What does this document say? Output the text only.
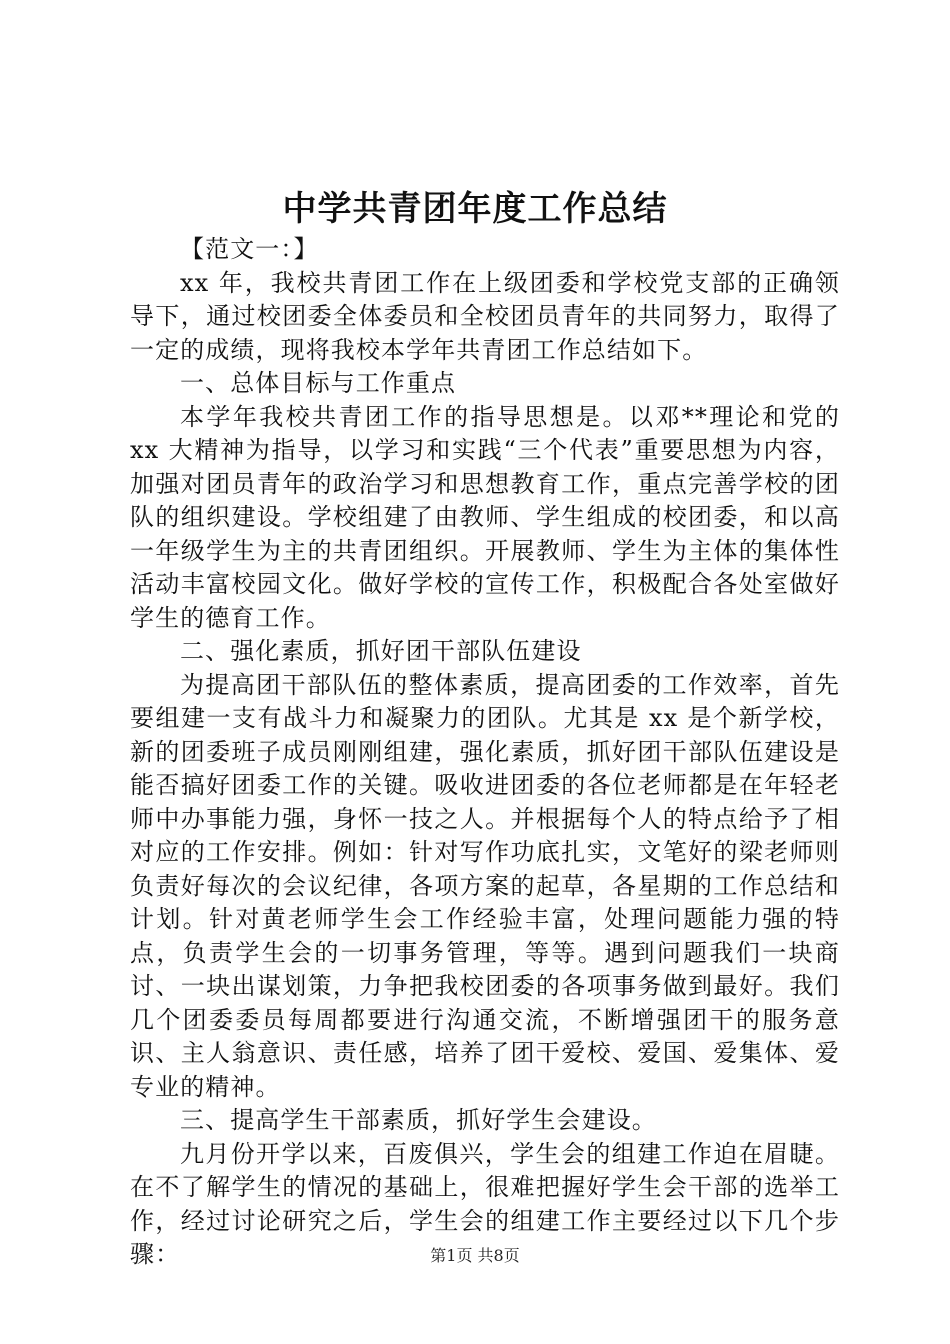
中学共青团年度工作总结

【范文一：】

xx 年，我校共青团工作在上级团委和学校党支部的正确领导下，通过校团委全体委员和全校团员青年的共同努力，取得了一定的成绩，现将我校本学年共青团工作总结如下。

一、总体目标与工作重点

本学年我校共青团工作的指导思想是。以邓**理论和党的 xx 大精神为指导，以学习和实践“三个代表”重要思想为内容，加强对团员青年的政治学习和思想教育工作，重点完善学校的团队的组织建设。学校组建了由教师、学生组成的校团委，和以高一年级学生为主的共青团组织。开展教师、学生为主体的集体性活动丰富校园文化。做好学校的宣传工作，积极配合各处室做好学生的德育工作。

二、强化素质，抓好团干部队伍建设

为提高团干部队伍的整体素质，提高团委的工作效率，首先要组建一支有战斗力和凝聚力的团队。尤其是 xx 是个新学校，新的团委班子成员刚刚组建，强化素质，抓好团干部队伍建设是能否搞好团委工作的关键。吸收进团委的各位老师都是在年轻老师中办事能力强，身怀一技之人。并根据每个人的特点给予了相对应的工作安排。例如：针对写作功底扎实，文笔好的梁老师则负责好每次的会议纪律，各项方案的起草，各星期的工作总结和计划。针对黄老师学生会工作经验丰富，处理问题能力强的特点，负责学生会的一切事务管理，等等。遇到问题我们一块商讨、一块出谋划策，力争把我校团委的各项事务做到最好。我们几个团委委员每周都要进行沟通交流，不断增强团干的服务意识、主人翁意识、责任感，培养了团干爱校、爱国、爱集体、爱专业的精神。

三、提高学生干部素质，抓好学生会建设。

九月份开学以来，百废俱兴，学生会的组建工作迫在眉睫。在不了解学生的情况的基础上，很难把握好学生会干部的选举工作，经过讨论研究之后，学生会的组建工作主要经过以下几个步骤：	第1页 共8页
